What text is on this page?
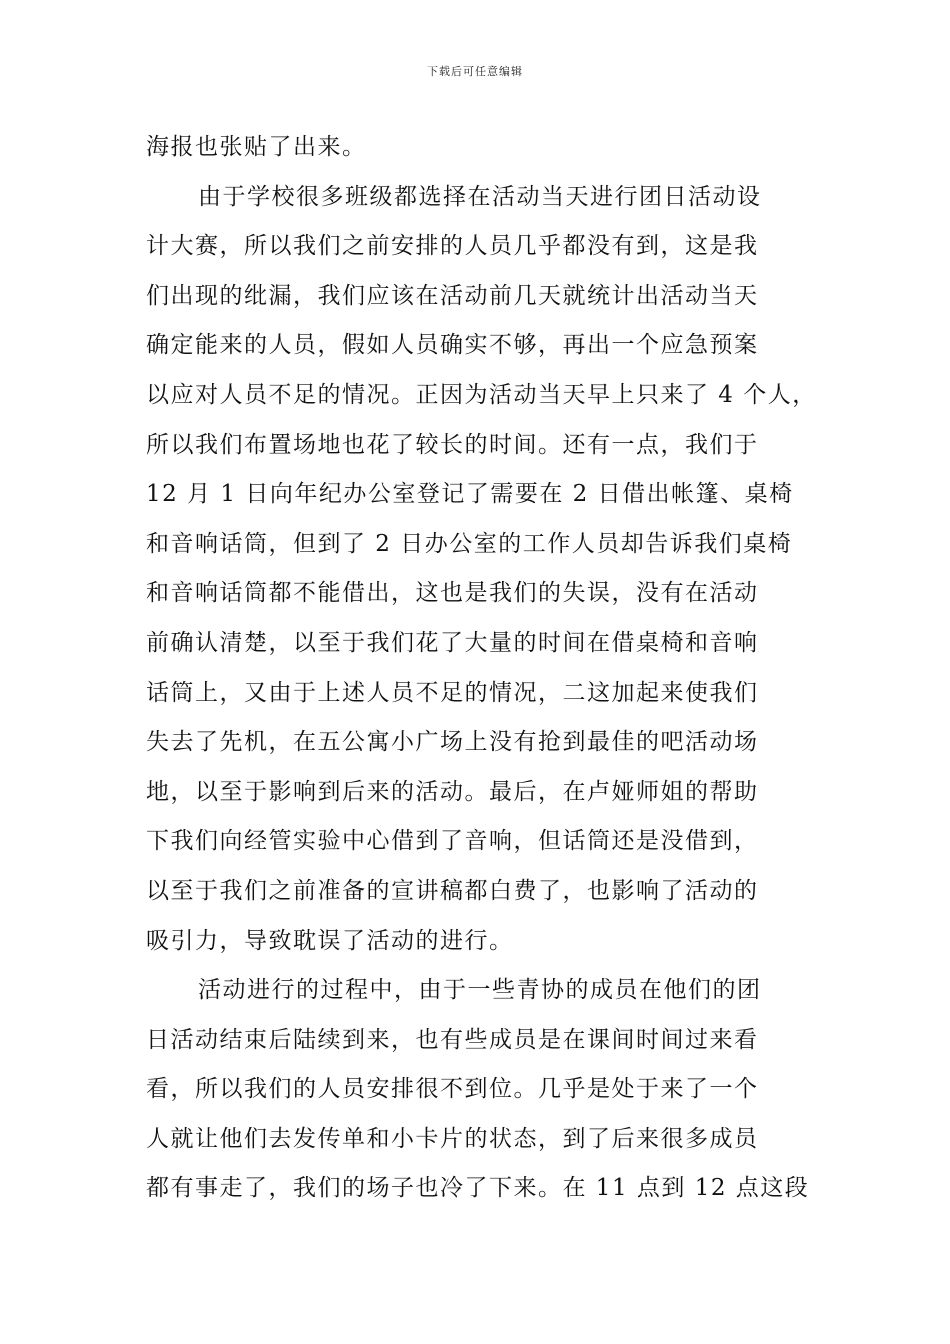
下载后可任意编辑
海报也张贴了出来。
由于学校很多班级都选择在活动当天进行团日活动设
计大赛，所以我们之前安排的人员几乎都没有到，这是我
们出现的纰漏，我们应该在活动前几天就统计出活动当天
确定能来的人员，假如人员确实不够，再出一个应急预案
以应对人员不足的情况。正因为活动当天早上只来了 4 个人，
所以我们布置场地也花了较长的时间。还有一点，我们于
12 月 1 日向年纪办公室登记了需要在 2 日借出帐篷、桌椅
和音响话筒，但到了 2 日办公室的工作人员却告诉我们桌椅
和音响话筒都不能借出，这也是我们的失误，没有在活动
前确认清楚，以至于我们花了大量的时间在借桌椅和音响
话筒上，又由于上述人员不足的情况，二这加起来使我们
失去了先机，在五公寓小广场上没有抢到最佳的吧活动场
地，以至于影响到后来的活动。最后，在卢娅师姐的帮助
下我们向经管实验中心借到了音响，但话筒还是没借到，
以至于我们之前准备的宣讲稿都白费了，也影响了活动的
吸引力，导致耽误了活动的进行。
活动进行的过程中，由于一些青协的成员在他们的团
日活动结束后陆续到来，也有些成员是在课间时间过来看
看，所以我们的人员安排很不到位。几乎是处于来了一个
人就让他们去发传单和小卡片的状态，到了后来很多成员
都有事走了，我们的场子也冷了下来。在 11 点到 12 点这段
